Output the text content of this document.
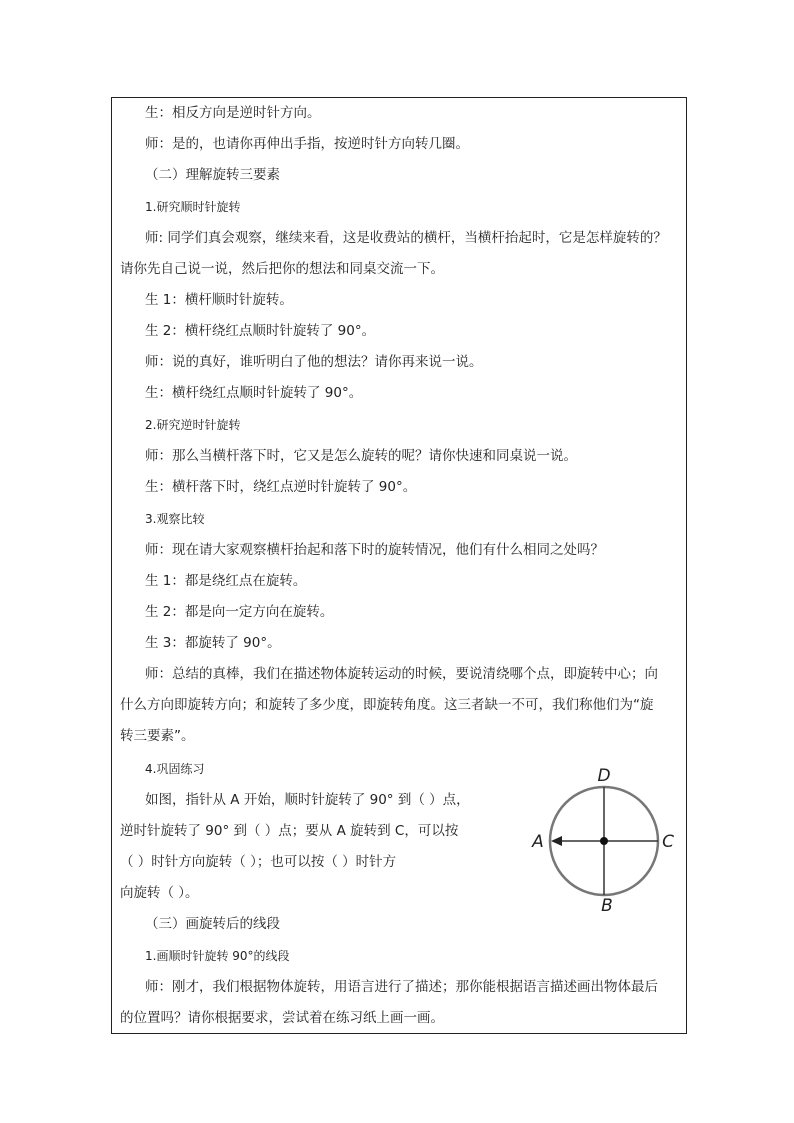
生：相反方向是逆时针方向。
师：是的，也请你再伸出手指，按逆时针方向转几圈。
（二）理解旋转三要素
1.研究顺时针旋转
师: 同学们真会观察，继续来看，这是收费站的横杆，当横杆抬起时，它是怎样旋转的？
请你先自己说一说，然后把你的想法和同桌交流一下。
生 1：横杆顺时针旋转。
生 2：横杆绕红点顺时针旋转了 90°。
师：说的真好，谁听明白了他的想法？请你再来说一说。
生：横杆绕红点顺时针旋转了 90°。
2.研究逆时针旋转
师：那么当横杆落下时，它又是怎么旋转的呢？请你快速和同桌说一说。
生：横杆落下时，绕红点逆时针旋转了 90°。
3.观察比较
师：现在请大家观察横杆抬起和落下时的旋转情况，他们有什么相同之处吗？
生 1：都是绕红点在旋转。
生 2：都是向一定方向在旋转。
生 3：都旋转了 90°。
师：总结的真棒，我们在描述物体旋转运动的时候，要说清绕哪个点，即旋转中心；向
什么方向即旋转方向；和旋转了多少度，即旋转角度。这三者缺一不可，我们称他们为“旋
转三要素”。
4.巩固练习
如图，指针从 A 开始，顺时针旋转了 90° 到（ ）点，
逆时针旋转了 90° 到（ ）点；要从 A 旋转到 C，可以按
（ ）时针方向旋转（ ）；也可以按（ ）时针方
向旋转（ ）。
（三）画旋转后的线段
1.画顺时针旋转 90°的线段
师：刚才，我们根据物体旋转，用语言进行了描述；那你能根据语言描述画出物体最后
的位置吗？请你根据要求，尝试着在练习纸上画一画。
D
A	C
B
